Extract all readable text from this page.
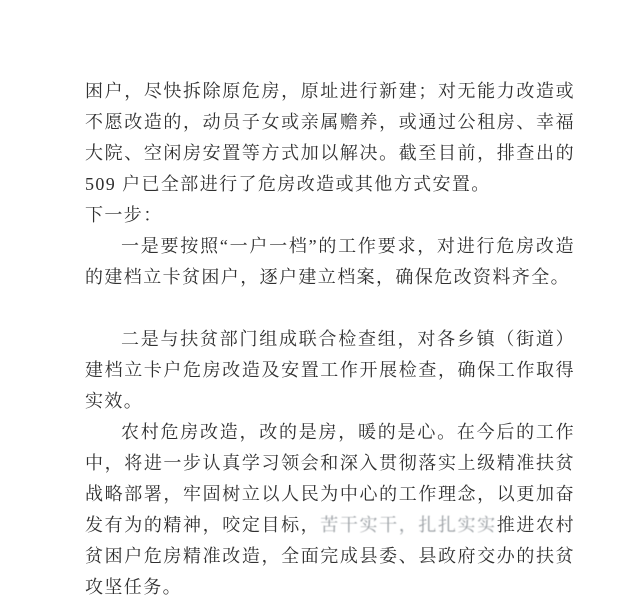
困户，尽快拆除原危房，原址进行新建；对无能力改造或不愿改造的，动员子女或亲属赡养，或通过公租房、幸福大院、空闲房安置等方式加以解决。截至目前，排查出的 509 户已全部进行了危房改造或其他方式安置。

下一步：

一是要按照“一户一档”的工作要求，对进行危房改造的建档立卡贫困户，逐户建立档案，确保危改资料齐全。

二是与扶贫部门组成联合检查组，对各乡镇（街道）建档立卡户危房改造及安置工作开展检查，确保工作取得实效。

农村危房改造，改的是房，暖的是心。在今后的工作中，将进一步认真学习领会和深入贯彻落实上级精准扶贫战略部署，牢固树立以人民为中心的工作理念，以更加奋发有为的精神，咬定目标，苦干实干，扎扎实实推进农村贫困户危房精准改造，全面完成县委、县政府交办的扶贫攻坚任务。
